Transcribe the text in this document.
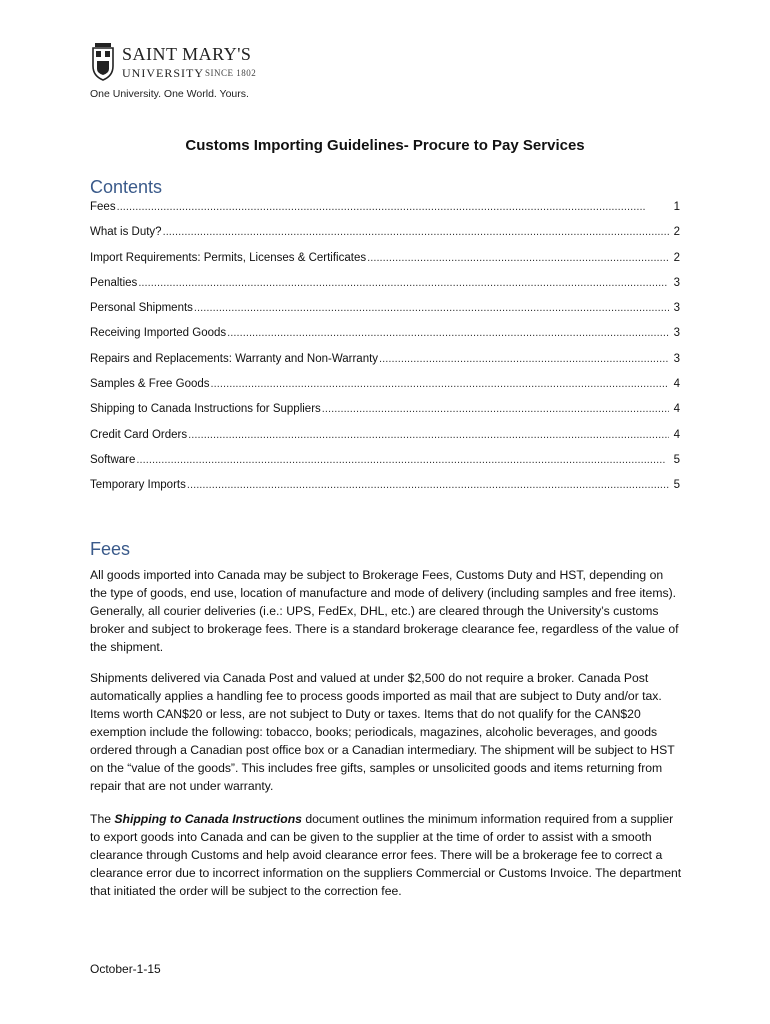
SAINT MARY'S
UNIVERSITY SINCE 1802
One University. One World. Yours.
Customs Importing Guidelines- Procure to Pay Services
Contents
Fees . . .	1
What is Duty? . . .	2
Import Requirements: Permits, Licenses & Certificates . . .	2
Penalties . . .	3
Personal Shipments . . .	3
Receiving Imported Goods . . .	3
Repairs and Replacements: Warranty and Non-Warranty . . .	3
Samples & Free Goods . . .	4
Shipping to Canada Instructions for Suppliers . . .	4
Credit Card Orders . . .	4
Software . . .	5
Temporary Imports . . .	5
Fees

All goods imported into Canada may be subject to Brokerage Fees, Customs Duty and HST, depending on the type of goods, end use, location of manufacture and mode of delivery (including samples and free items). Generally, all courier deliveries (i.e.: UPS, FedEx, DHL, etc.) are cleared through the University’s customs broker and subject to brokerage fees. There is a standard brokerage clearance fee, regardless of the value of the shipment.

Shipments delivered via Canada Post and valued at under $2,500 do not require a broker. Canada Post automatically applies a handling fee to process goods imported as mail that are subject to Duty and/or tax. Items worth CAN$20 or less, are not subject to Duty or taxes. Items that do not qualify for the CAN$20 exemption include the following: tobacco, books; periodicals, magazines, alcoholic beverages, and goods ordered through a Canadian post office box or a Canadian intermediary. The shipment will be subject to HST on the “value of the goods”. This includes free gifts, samples or unsolicited goods and items returning from repair that are not under warranty.

The Shipping to Canada Instructions document outlines the minimum information required from a supplier to export goods into Canada and can be given to the supplier at the time of order to assist with a smooth clearance through Customs and help avoid clearance error fees. There will be a brokerage fee to correct a clearance error due to incorrect information on the suppliers Commercial or Customs Invoice. The department that initiated the order will be subject to the correction fee.

October-1-15
